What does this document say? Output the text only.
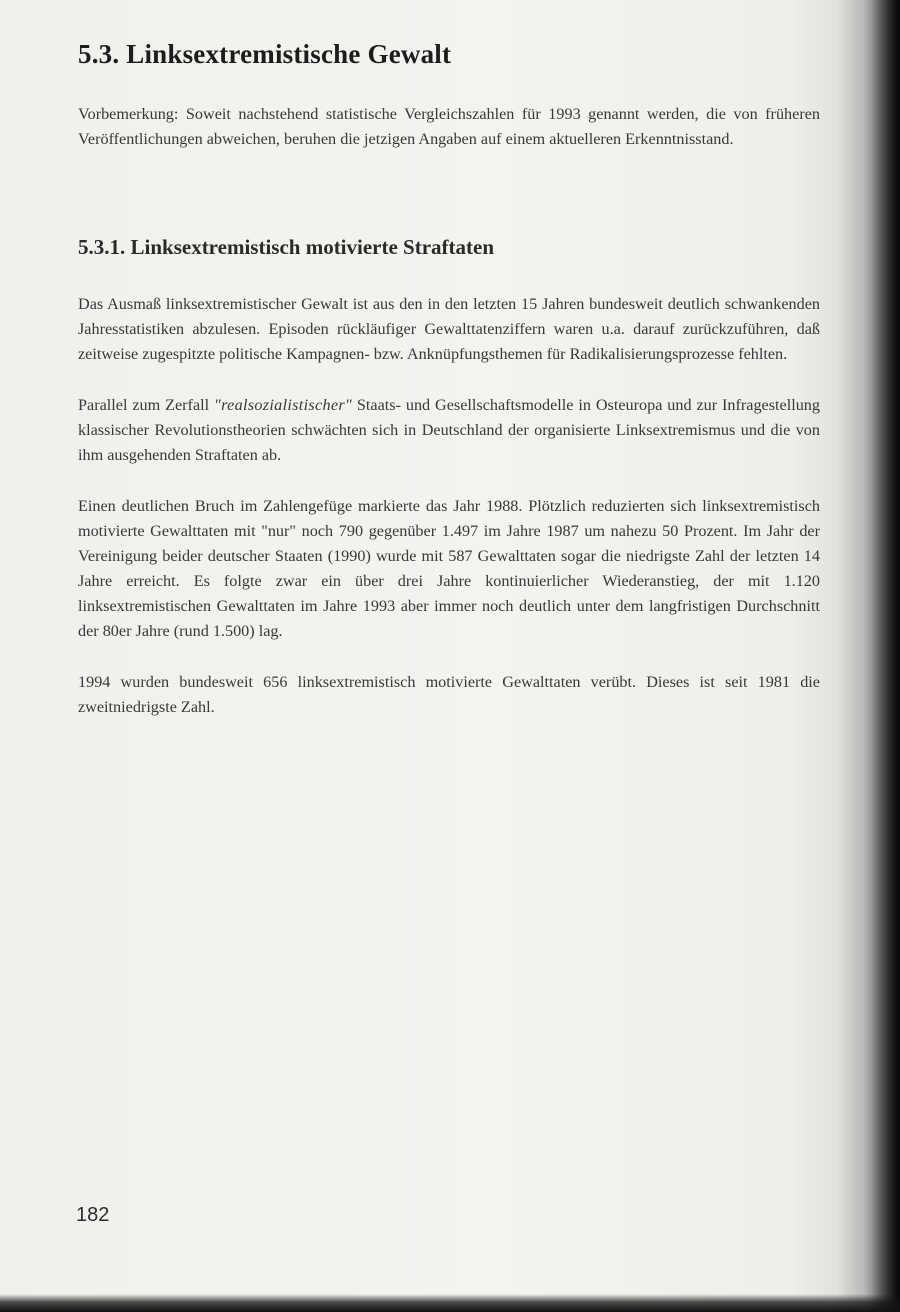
5.3. Linksextremistische Gewalt

Vorbemerkung: Soweit nachstehend statistische Vergleichszahlen für 1993 genannt werden, die von früheren Veröffentlichungen abweichen, beruhen die jetzigen Angaben auf einem aktuelleren Erkenntnisstand.

5.3.1. Linksextremistisch motivierte Straftaten

Das Ausmaß linksextremistischer Gewalt ist aus den in den letzten 15 Jahren bundesweit deutlich schwankenden Jahresstatistiken abzulesen. Episoden rückläufiger Gewalttatenziffern waren u.a. darauf zurückzuführen, daß zeitweise zugespitzte politische Kampagnen- bzw. Anknüpfungsthemen für Radikalisierungsprozesse fehlten.

Parallel zum Zerfall "realsozialistischer" Staats- und Gesellschaftsmodelle in Osteuropa und zur Infragestellung klassischer Revolutionstheorien schwächten sich in Deutschland der organisierte Linksextremismus und die von ihm ausgehenden Straftaten ab.

Einen deutlichen Bruch im Zahlengefüge markierte das Jahr 1988. Plötzlich reduzierten sich linksextremistisch motivierte Gewalttaten mit "nur" noch 790 gegenüber 1.497 im Jahre 1987 um nahezu 50 Prozent. Im Jahr der Vereinigung beider deutscher Staaten (1990) wurde mit 587 Gewalttaten sogar die niedrigste Zahl der letzten 14 Jahre erreicht. Es folgte zwar ein über drei Jahre kontinuierlicher Wiederanstieg, der mit 1.120 linksextremistischen Gewalttaten im Jahre 1993 aber immer noch deutlich unter dem langfristigen Durchschnitt der 80er Jahre (rund 1.500) lag.

1994 wurden bundesweit 656 linksextremistisch motivierte Gewalttaten verübt. Dieses ist seit 1981 die zweitniedrigste Zahl.

182
